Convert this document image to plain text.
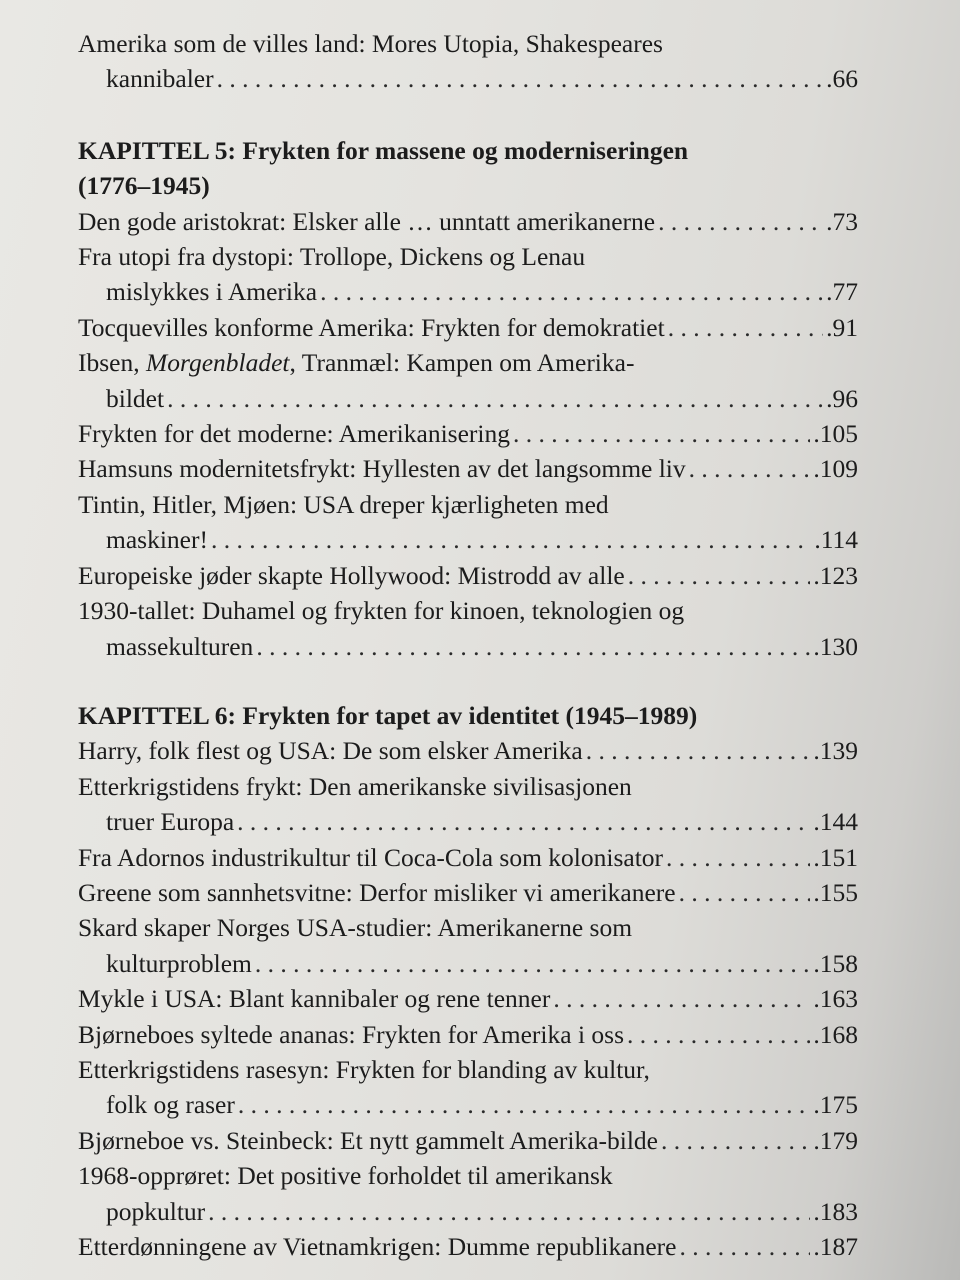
Amerika som de villes land: Mores Utopia, Shakespeares
kannibaler . . .	.66
KAPITTEL 5: Frykten for massene og moderniseringen
(1776–1945)
Den gode aristokrat: Elsker alle … unntatt amerikanerne . . .	.73
Fra utopi fra dystopi: Trollope, Dickens og Lenau
mislykkes i Amerika . . .	.77
Tocquevilles konforme Amerika: Frykten for demokratiet . . .	.91
Ibsen, Morgenbladet, Tranmæl: Kampen om Amerika-
bildet . . .	.96
Frykten for det moderne: Amerikanisering . . .	.105
Hamsuns modernitetsfrykt: Hyllesten av det langsomme liv . . .	.109
Tintin, Hitler, Mjøen: USA dreper kjærligheten med
maskiner! . . .	.114
Europeiske jøder skapte Hollywood: Mistrodd av alle . . .	.123
1930-tallet: Duhamel og frykten for kinoen, teknologien og
massekulturen . . .	.130
KAPITTEL 6: Frykten for tapet av identitet (1945–1989)
Harry, folk flest og USA: De som elsker Amerika . . .	.139
Etterkrigstidens frykt: Den amerikanske sivilisasjonen
truer Europa . . .	.144
Fra Adornos industrikultur til Coca-Cola som kolonisator . . .	.151
Greene som sannhetsvitne: Derfor misliker vi amerikanere . . .	.155
Skard skaper Norges USA-studier: Amerikanerne som
kulturproblem . . .	.158
Mykle i USA: Blant kannibaler og rene tenner . . .	.163
Bjørneboes syltede ananas: Frykten for Amerika i oss . . .	.168
Etterkrigstidens rasesyn: Frykten for blanding av kultur,
folk og raser . . .	.175
Bjørneboe vs. Steinbeck: Et nytt gammelt Amerika-bilde . . .	.179
1968-opprøret: Det positive forholdet til amerikansk
popkultur . . .	.183
Etterdønningene av Vietnamkrigen: Dumme republikanere . . .	.187
